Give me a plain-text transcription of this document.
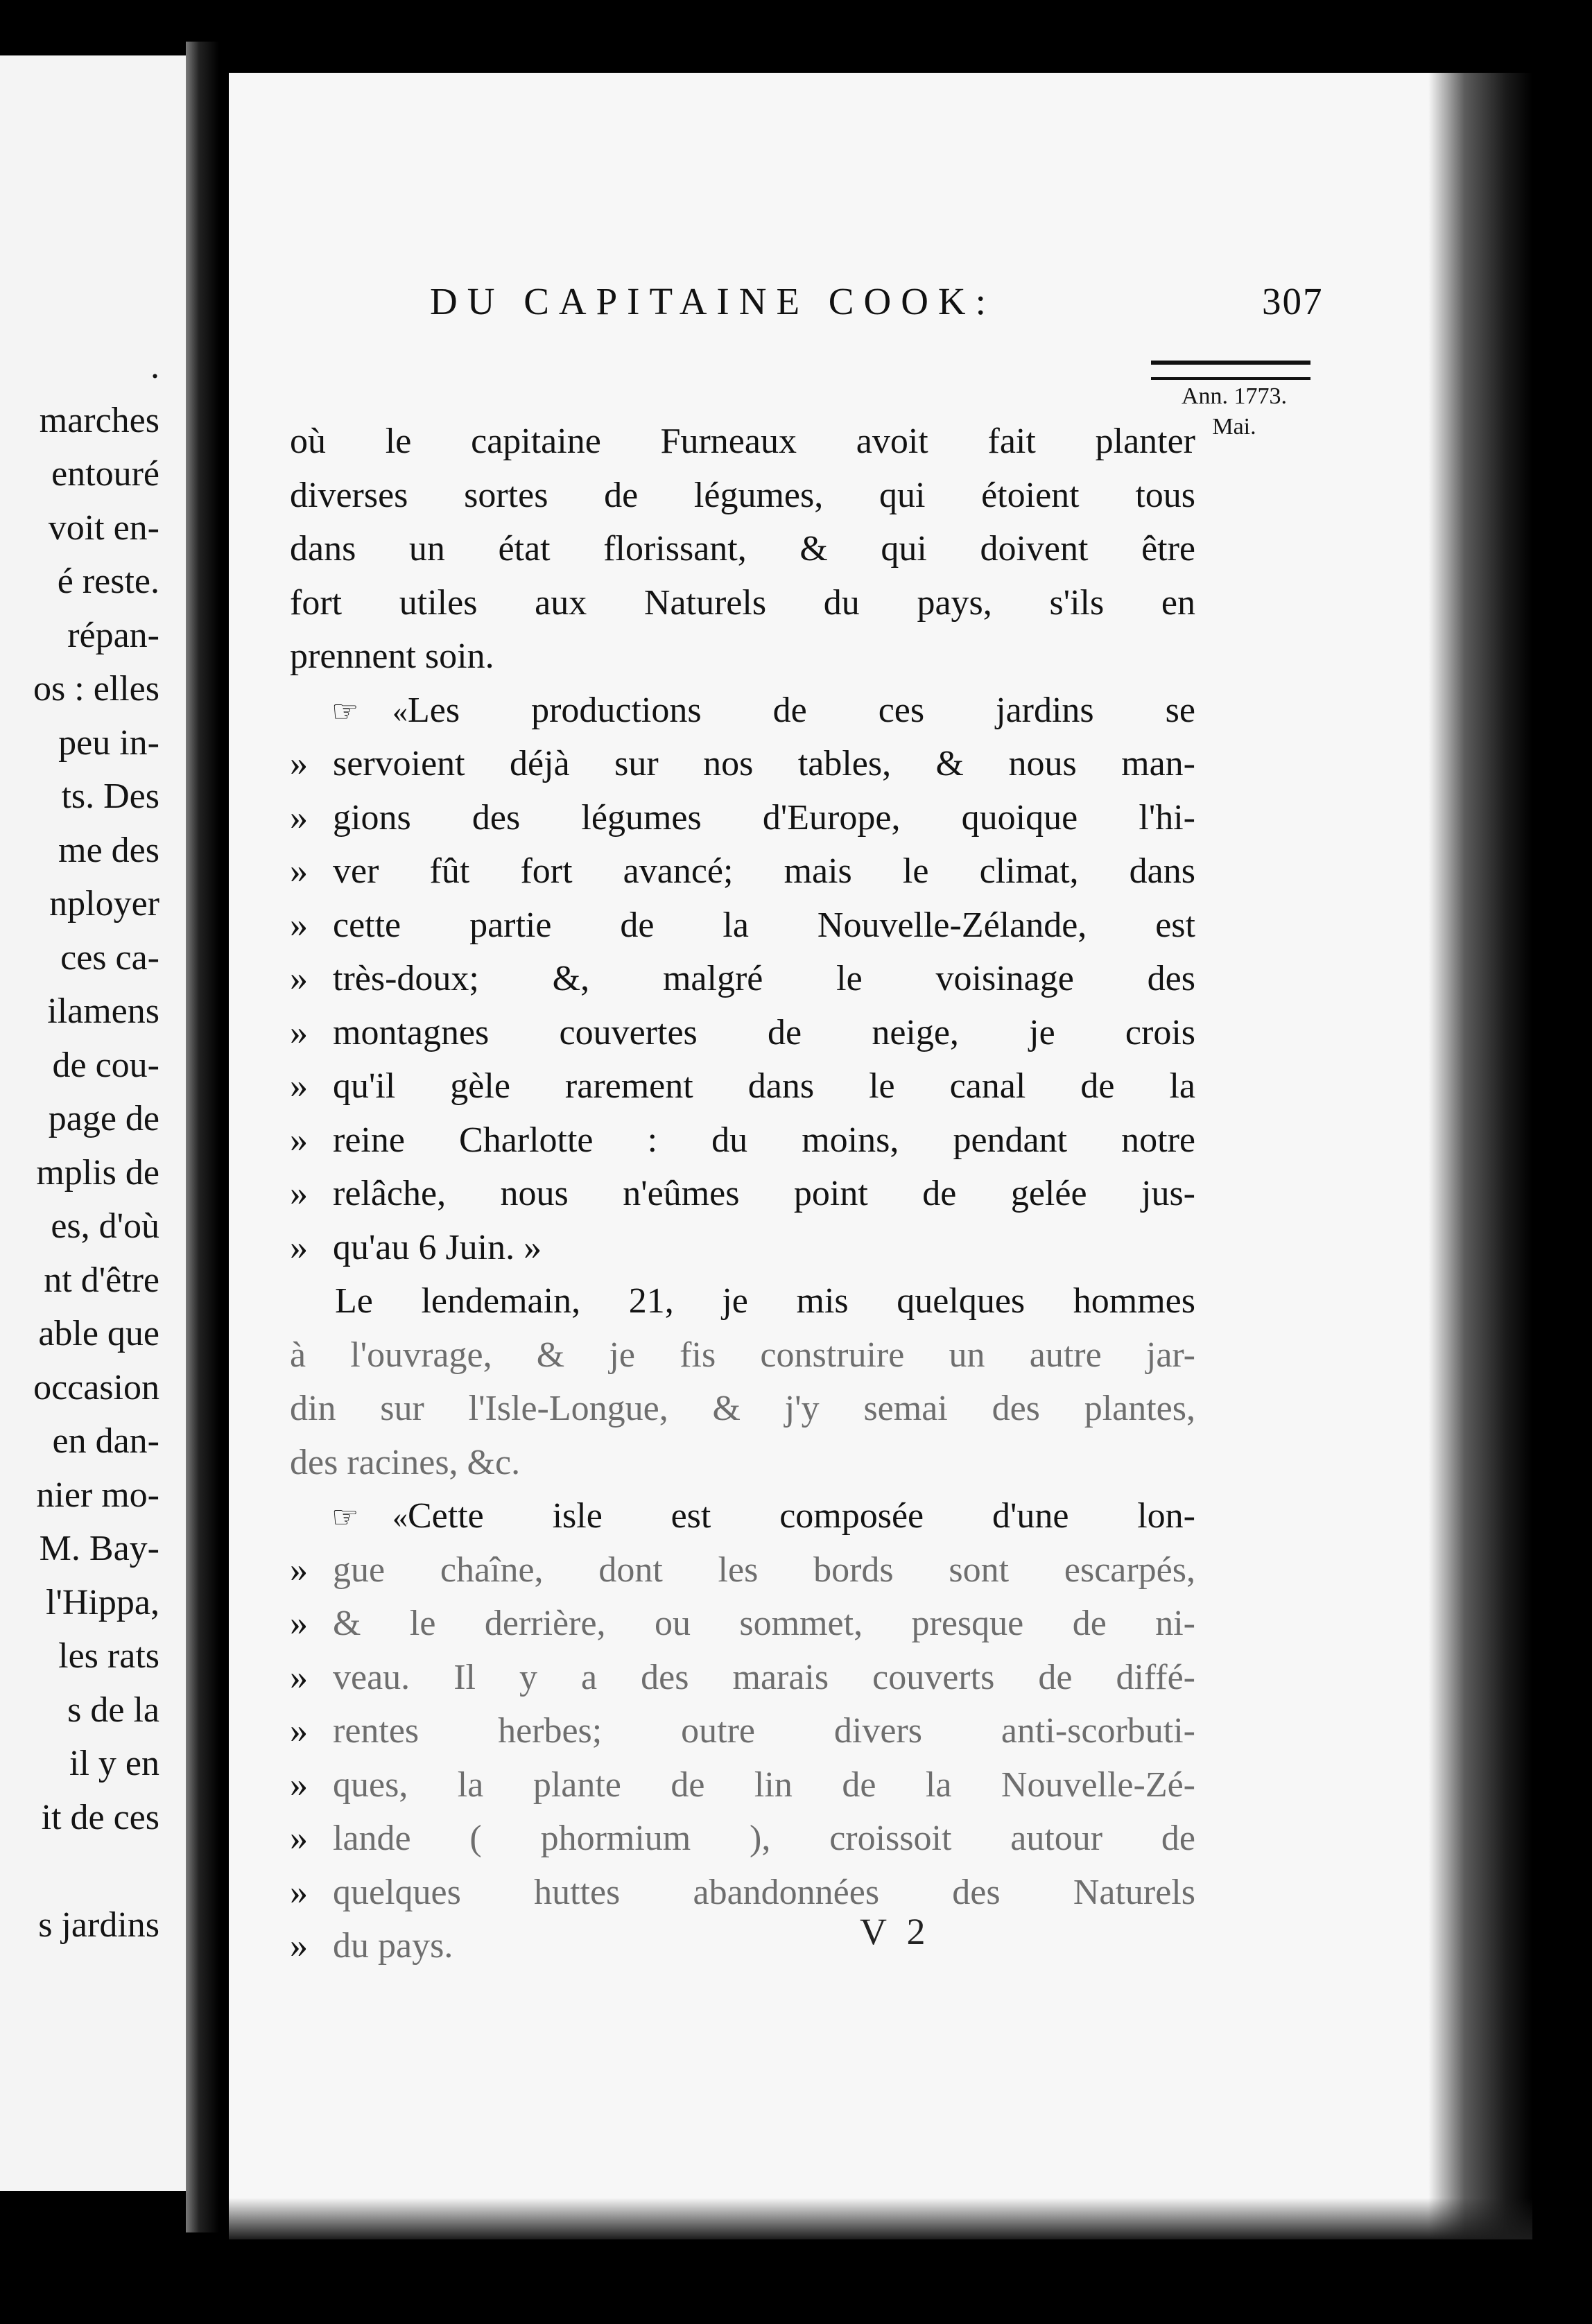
.
marches
entouré
voit en-
é reste.
répan-
os : elles
peu in-
ts. Des
me des
nployer
ces ca-
ilamens
de cou-
page de
mplis de
es, d'où
nt d'être
able que
occasion
en dan-
nier mo-
M. Bay-
l'Hippa,
les rats
s de la
il y en
it de ces
s jardins
DU CAPITAINE COOK:	307
Ann. 1773.
Mai.
où le capitaine Furneaux avoit fait planter
diverses sortes de légumes, qui étoient tous
dans un état florissant, & qui doivent être
fort utiles aux Naturels du pays, s'ils en
prennent soin.
☞ «Les productions de ces jardins se
» servoient déjà sur nos tables, & nous man-
» gions des légumes d'Europe, quoique l'hi-
» ver fût fort avancé; mais le climat, dans
» cette partie de la Nouvelle-Zélande, est
» très-doux; &, malgré le voisinage des
» montagnes couvertes de neige, je crois
» qu'il gèle rarement dans le canal de la
» reine Charlotte : du moins, pendant notre
» relâche, nous n'eûmes point de gelée jus-
» qu'au 6 Juin. »
Le lendemain, 21, je mis quelques hommes
à l'ouvrage, & je fis construire un autre jar-
din sur l'Isle-Longue, & j'y semai des plantes,
des racines, &c.
☞ «Cette isle est composée d'une lon-
» gue chaîne, dont les bords sont escarpés,
» & le derrière, ou sommet, presque de ni-
» veau. Il y a des marais couverts de diffé-
» rentes herbes; outre divers anti-scorbuti-
» ques, la plante de lin de la Nouvelle-Zé-
» lande ( phormium ), croissoit autour de
» quelques huttes abandonnées des Naturels
» du pays.	V 2
